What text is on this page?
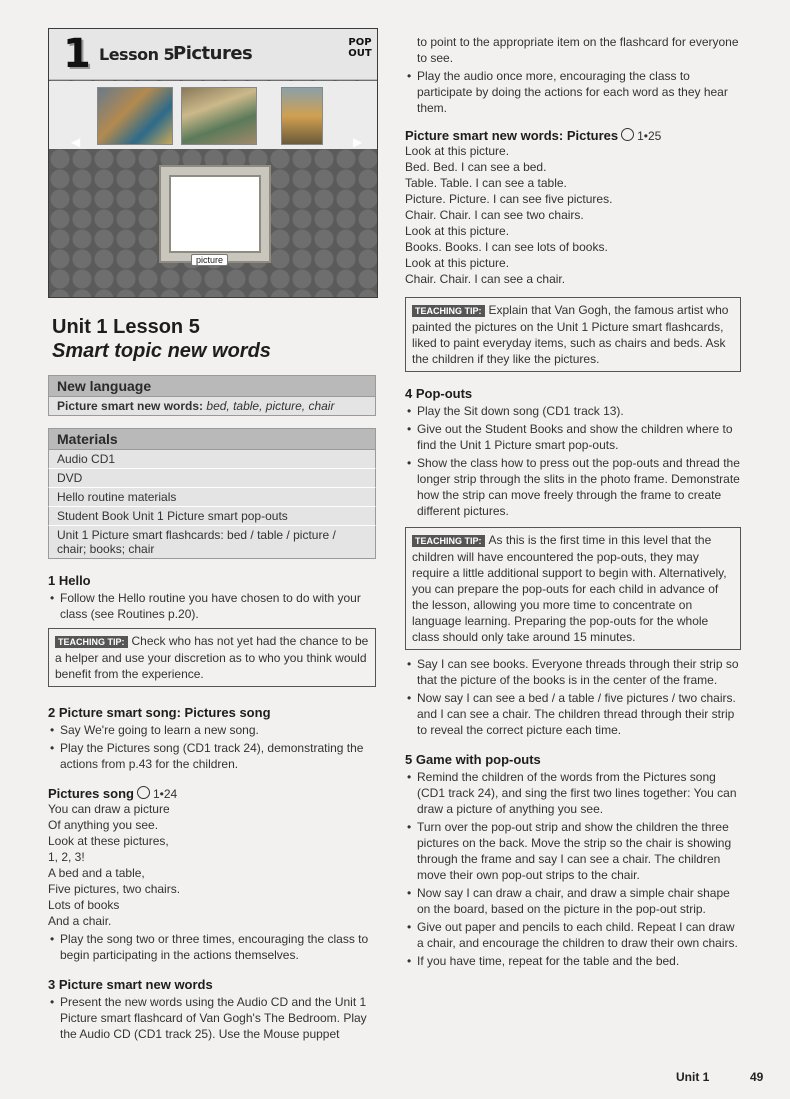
1 Lesson 5
Pictures
POP
OUT
◀	▶
picture
Unit 1 Lesson 5
Smart topic new words
New language
Picture smart new words: bed, table, picture, chair
Materials
Audio CD1
DVD
Hello routine materials
Student Book Unit 1 Picture smart pop-outs
Unit 1 Picture smart flashcards: bed / table / picture / chair; books; chair
1 Hello
• Follow the Hello routine you have chosen to do with your class (see Routines p.20).
TEACHING TIP: Check who has not yet had the chance to be a helper and use your discretion as to who you think would benefit from the experience.
2 Picture smart song: Pictures song
• Say We're going to learn a new song.
• Play the Pictures song (CD1 track 24), demonstrating the actions from p.43 for the children.
Pictures song 1•24
You can draw a picture
Of anything you see.
Look at these pictures,
1, 2, 3!
A bed and a table,
Five pictures, two chairs.
Lots of books
And a chair.
• Play the song two or three times, encouraging the class to begin participating in the actions themselves.
3 Picture smart new words
• Present the new words using the Audio CD and the Unit 1 Picture smart flashcard of Van Gogh's The Bedroom. Play the Audio CD (CD1 track 25). Use the Mouse puppet
to point to the appropriate item on the flashcard for everyone to see.
• Play the audio once more, encouraging the class to participate by doing the actions for each word as they hear them.
Picture smart new words: Pictures 1•25
Look at this picture.
Bed. Bed. I can see a bed.
Table. Table. I can see a table.
Picture. Picture. I can see five pictures.
Chair. Chair. I can see two chairs.
Look at this picture.
Books. Books. I can see lots of books.
Look at this picture.
Chair. Chair. I can see a chair.
TEACHING TIP: Explain that Van Gogh, the famous artist who painted the pictures on the Unit 1 Picture smart flashcards, liked to paint everyday items, such as chairs and beds. Ask the children if they like the pictures.
4 Pop-outs
• Play the Sit down song (CD1 track 13).
• Give out the Student Books and show the children where to find the Unit 1 Picture smart pop-outs.
• Show the class how to press out the pop-outs and thread the longer strip through the slits in the photo frame. Demonstrate how the strip can move freely through the frame to create different pictures.
TEACHING TIP: As this is the first time in this level that the children will have encountered the pop-outs, they may require a little additional support to begin with. Alternatively, you can prepare the pop-outs for each child in advance of the lesson, allowing you more time to concentrate on language learning. Preparing the pop-outs for the whole class should only take around 15 minutes.
• Say I can see books. Everyone threads through their strip so that the picture of the books is in the center of the frame.
• Now say I can see a bed / a table / five pictures / two chairs. and I can see a chair. The children thread through their strip to reveal the correct picture each time.
5 Game with pop-outs
• Remind the children of the words from the Pictures song (CD1 track 24), and sing the first two lines together: You can draw a picture of anything you see.
• Turn over the pop-out strip and show the children the three pictures on the back. Move the strip so the chair is showing through the frame and say I can see a chair. The children move their own pop-out strips to the chair.
• Now say I can draw a chair, and draw a simple chair shape on the board, based on the picture in the pop-out strip.
• Give out paper and pencils to each child. Repeat I can draw a chair, and encourage the children to draw their own chairs.
• If you have time, repeat for the table and the bed.
Unit 1	49
